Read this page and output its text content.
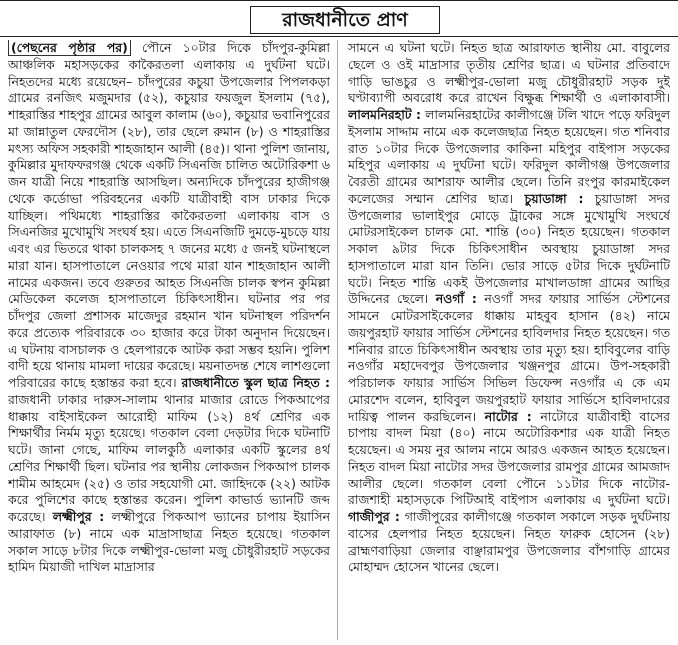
রাজধানীতে প্রাণ

(পেছনের পৃষ্ঠার পর) পৌনে ১০টার দিকে চাঁদপুর-কুমিল্লা আঞ্চলিক মহাসড়কের কাকৈরতলা এলাকায় এ দুর্ঘটনা ঘটে। নিহতদের মধ্যে রয়েছেন– চাঁদপুরের কচুয়া উপজেলার পিপলকড়া গ্রামের রনজিৎ মজুমদার (৫২), কচুয়ার ফয়জুল ইসলাম (৭৫), শাহরাস্তির শাহপুর গ্রামের আবুল কালাম (৬০), কচুয়ার ভবানিপুরের মা জান্নাতুল ফেরদৌস (২৮), তার ছেলে রুমান (৮) ও শাহরাস্তির মৎস্য অফিস সহকারী শাহজাহান আলী (৪৫)। থানা পুলিশ জানায়, কুমিল্লার মুদাফফরগঞ্জ থেকে একটি সিএনজি চালিত অটোরিকশা ৬ জন যাত্রী নিয়ে শাহরাস্তি আসছিল। অন্যদিকে চাঁদপুরের হাজীগঞ্জ থেকে কর্ডোভা পরিবহনের একটি যাত্রীবাহী বাস ঢাকার দিকে যাচ্ছিল। পথিমধ্যে শাহরাস্তির কাকৈরতলা এলাকায় বাস ও সিএনজির মুখোমুখি সংঘর্ষ হয়। এতে সিএনজিটি দুমড়ে-মুচড়ে যায় এবং এর ভিতরে থাকা চালকসহ ৭ জনের মধ্যে ৫ জনই ঘটনাস্থলে মারা যান। হাসপাতালে নেওয়ার পথে মারা যান শাহজাহান আলী নামের একজন। তবে গুরুতর আহত সিএনজি চালক স্বপন কুমিল্লা মেডিকেল কলেজ হাসপাতালে চিকিৎসাধীন। ঘটনার পর পর চাঁদপুর জেলা প্রশাসক মাজেদুর রহমান খান ঘটনাস্থল পরিদর্শন করে প্রত্যেক পরিবারকে ৩০ হাজার করে টাকা অনুদান দিয়েছেন। এ ঘটনায় বাসচালক ও হেলপারকে আটক করা সম্ভব হয়নি। পুলিশ বাদী হয়ে থানায় মামলা দায়ের করেছে। ময়নাতদন্ত শেষে লাশগুলো পরিবারের কাছে হস্তান্তর করা হবে। রাজধানীতে স্কুল ছাত্র নিহত : রাজধানী ঢাকার দারুস-সালাম থানার মাজার রোডে পিকআপের ধাক্কায় বাইসাইকেল আরোহী মাফিম (১২) ৪র্থ শ্রেণির এক শিক্ষার্থীর নির্মম মৃত্যু হয়েছে। গতকাল বেলা দেড়টার দিকে ঘটনাটি ঘটে। জানা গেছে, মাফিম লালকুঠি এলাকার একটি স্কুলের ৪র্থ শ্রেণির শিক্ষার্থী ছিল। ঘটনার পর স্থানীয় লোকজন পিকআপ চালক শামীম আহমেদ (২৫) ও তার সহযোগী মো. জাহিদকে (২২) আটক করে পুলিশের কাছে হস্তান্তর করেন। পুলিশ কাভার্ড ভ্যানটি জব্দ করেছে। লক্ষ্মীপুর : লক্ষ্মীপুরে পিকআপ ভ্যানের চাপায় ইয়াসিন আরাফাত (৮) নামে এক মাদ্রাসাছাত্র নিহত হয়েছে। গতকাল সকাল সাড়ে ৮টার দিকে লক্ষ্মীপুর-ভোলা মজু চৌধুরীরহাট সড়কের হামিদ মিয়াজী দাখিল মাদ্রাসার

সামনে এ ঘটনা ঘটে। নিহত ছাত্র আরাফাত স্থানীয় মো. বাবুলের ছেলে ও ওই মাদ্রাসার তৃতীয় শ্রেণির ছাত্র। এ ঘটনার প্রতিবাদে গাড়ি ভাঙচুর ও লক্ষ্মীপুর-ভোলা মজু চৌধুরীরহাট সড়ক দুই ঘণ্টাব্যাপী অবরোধ করে রাখেন বিক্ষুব্ধ শিক্ষার্থী ও এলাকাবাসী। লালমনিরহাট : লালমনিরহাটের কালীগঞ্জে টলি খাদে পড়ে ফরিদুল ইসলাম সাদ্দাম নামে এক কলেজছাত্র নিহত হয়েছেন। গত শনিবার রাত ১০টার দিকে উপজেলার কাকিনা মহিপুর বাইপাস সড়কের মহিপুর এলাকায় এ দুর্ঘটনা ঘটে। ফরিদুল কালীগঞ্জ উপজেলার বৈরতী গ্রামের আশরাফ আলীর ছেলে। তিনি রংপুর কারমাইকেল কলেজের সম্মান শ্রেণির ছাত্র। চুয়াডাঙ্গা : চুয়াডাঙ্গা সদর উপজেলার ভালাইপুর মোড়ে ট্রাকের সঙ্গে মুখোমুখি সংঘর্ষে মোটরসাইকেল চালক মো. শান্তি (৩০) নিহত হয়েছেন। গতকাল সকাল ৯টার দিকে চিকিৎসাধীন অবস্থায় চুয়াডাঙ্গা সদর হাসপাতালে মারা যান তিনি। ভোর সাড়ে ৫টার দিকে দুর্ঘটনাটি ঘটে। নিহত শান্তি একই উপজেলার মাখালডাঙ্গা গ্রামের আছির উদ্দিনের ছেলে। নওগাঁ : নওগাঁ সদর ফায়ার সার্ভিস স্টেশনের সামনে মোটরসাইকেলের ধাক্কায় মাহবুব হাসান (৪২) নামে জয়পুরহাট ফায়ার সার্ভিস স্টেশনের হাবিলদার নিহত হয়েছেন। গত শনিবার রাতে চিকিৎসাধীন অবস্থায় তার মৃত্যু হয়। হাবিবুলের বাড়ি নওগাঁর মহাদেবপুর উপজেলার খঞ্জনপুর গ্রামে। উপ-সহকারী পরিচালক ফায়ার সার্ভিস সিভিল ডিফেন্স নওগাঁর এ কে এম মোরশেদ বলেন, হাবিবুল জয়পুরহাট ফায়ার সার্ভিসে হাবিলদারের দায়িত্ব পালন করছিলেন। নাটোর : নাটোরে যাত্রীবাহী বাসের চাপায় বাদল মিয়া (৪০) নামে অটোরিকশার এক যাত্রী নিহত হয়েছেন। এ সময় নুর আলম নামে আরও একজন আহত হয়েছেন। নিহত বাদল মিয়া নাটোর সদর উপজেলার রামপুর গ্রামের আমজাদ আলীর ছেলে। গতকাল বেলা পৌনে ১১টার দিকে নাটোর-রাজশাহী মহাসড়কে পিটিআই বাইপাস এলাকায় এ দুর্ঘটনা ঘটে। গাজীপুর : গাজীপুরের কালীগঞ্জে গতকাল সকালে সড়ক দুর্ঘটনায় বাসের হেলপার নিহত হয়েছেন। নিহত ফারুক হোসেন (২৮) ব্রাহ্মণবাড়িয়া জেলার বাঞ্ছারামপুর উপজেলার বাঁশগাড়ি গ্রামের মোহাম্মদ হোসেন খানের ছেলে।
